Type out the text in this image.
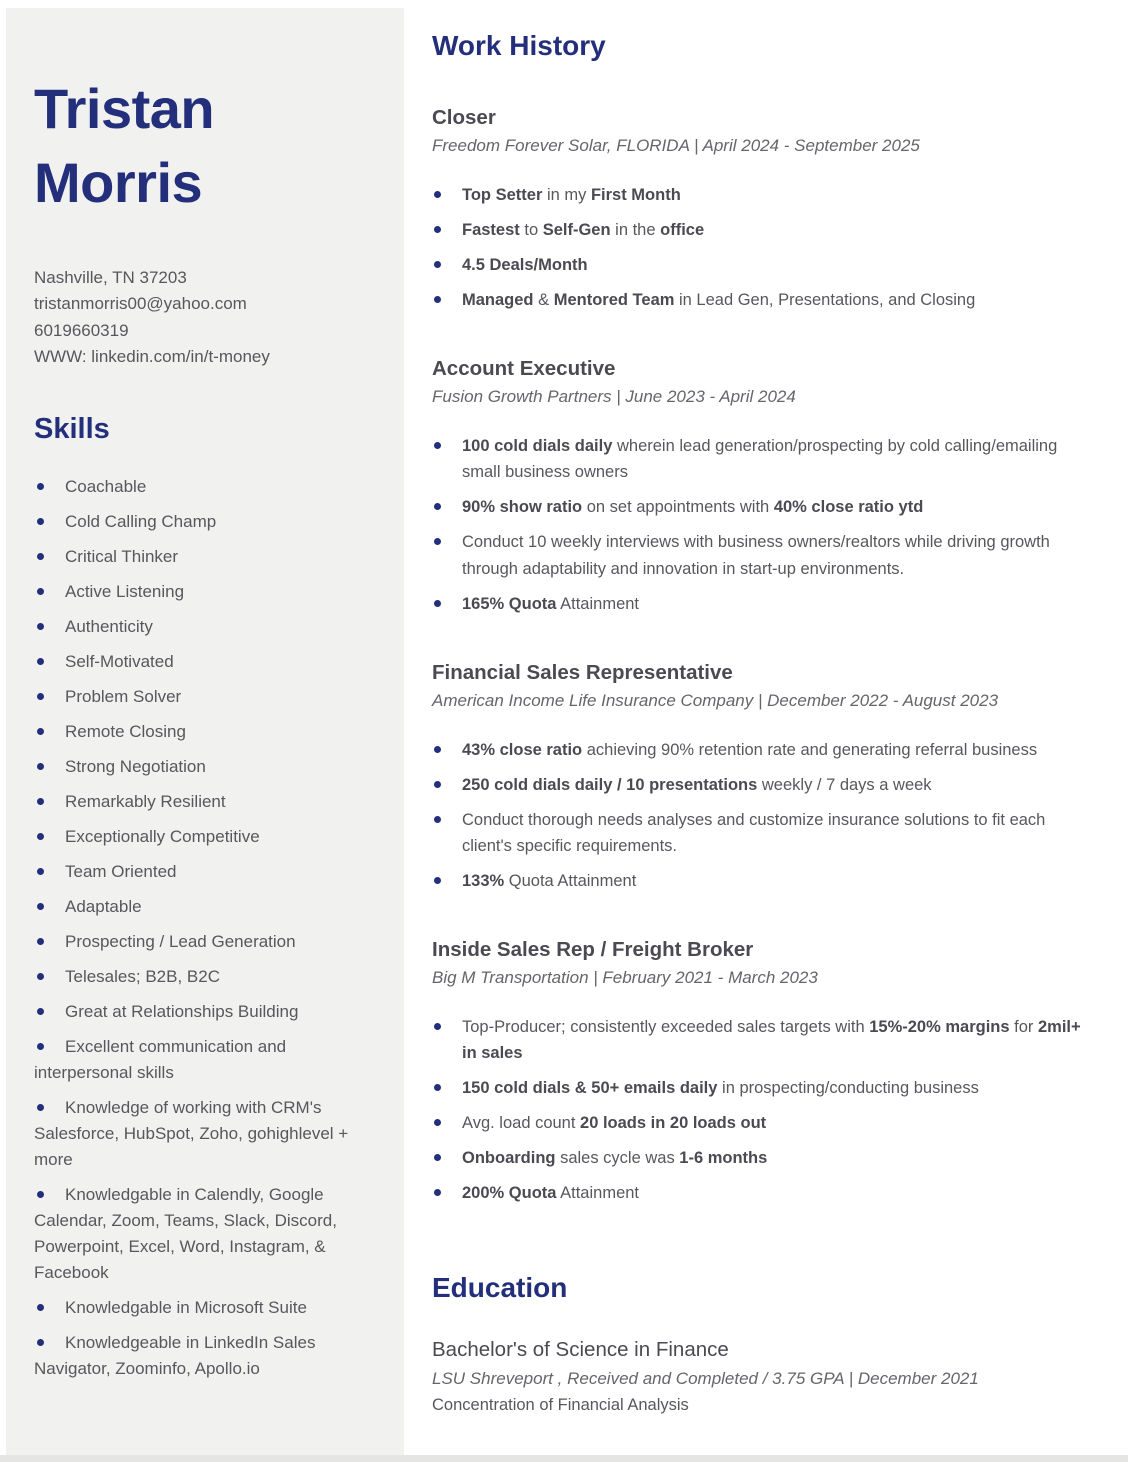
Tristan
Morris
Nashville, TN 37203
tristanmorris00@yahoo.com
6019660319
WWW: linkedin.com/in/t-money
Skills
Coachable
Cold Calling Champ
Critical Thinker
Active Listening
Authenticity
Self-Motivated
Problem Solver
Remote Closing
Strong Negotiation
Remarkably Resilient
Exceptionally Competitive
Team Oriented
Adaptable
Prospecting / Lead Generation
Telesales; B2B, B2C
Great at Relationships Building
Excellent communication and interpersonal skills
Knowledge of working with CRM's Salesforce, HubSpot, Zoho, gohighlevel + more
Knowledgable in Calendly, Google Calendar, Zoom, Teams, Slack, Discord, Powerpoint, Excel, Word, Instagram, & Facebook
Knowledgable in Microsoft Suite
Knowledgeable in LinkedIn Sales Navigator, Zoominfo, Apollo.io
Work History
Closer
Freedom Forever Solar, FLORIDA | April 2024 - September 2025
Top Setter in my First Month
Fastest to Self-Gen in the office
4.5 Deals/Month
Managed & Mentored Team in Lead Gen, Presentations, and Closing
Account Executive
Fusion Growth Partners | June 2023 - April 2024
100 cold dials daily wherein lead generation/prospecting by cold calling/emailing small business owners
90% show ratio on set appointments with 40% close ratio ytd
Conduct 10 weekly interviews with business owners/realtors while driving growth through adaptability and innovation in start-up environments.
165% Quota Attainment
Financial Sales Representative
American Income Life Insurance Company | December 2022 - August 2023
43% close ratio achieving 90% retention rate and generating referral business
250 cold dials daily / 10 presentations weekly / 7 days a week
Conduct thorough needs analyses and customize insurance solutions to fit each client's specific requirements.
133% Quota Attainment
Inside Sales Rep / Freight Broker
Big M Transportation | February 2021 - March 2023
Top-Producer; consistently exceeded sales targets with 15%-20% margins for 2mil+ in sales
150 cold dials & 50+ emails daily in prospecting/conducting business
Avg. load count 20 loads in 20 loads out
Onboarding sales cycle was 1-6 months
200% Quota Attainment
Education
Bachelor's of Science in Finance
LSU Shreveport , Received and Completed / 3.75 GPA | December 2021
Concentration of Financial Analysis
